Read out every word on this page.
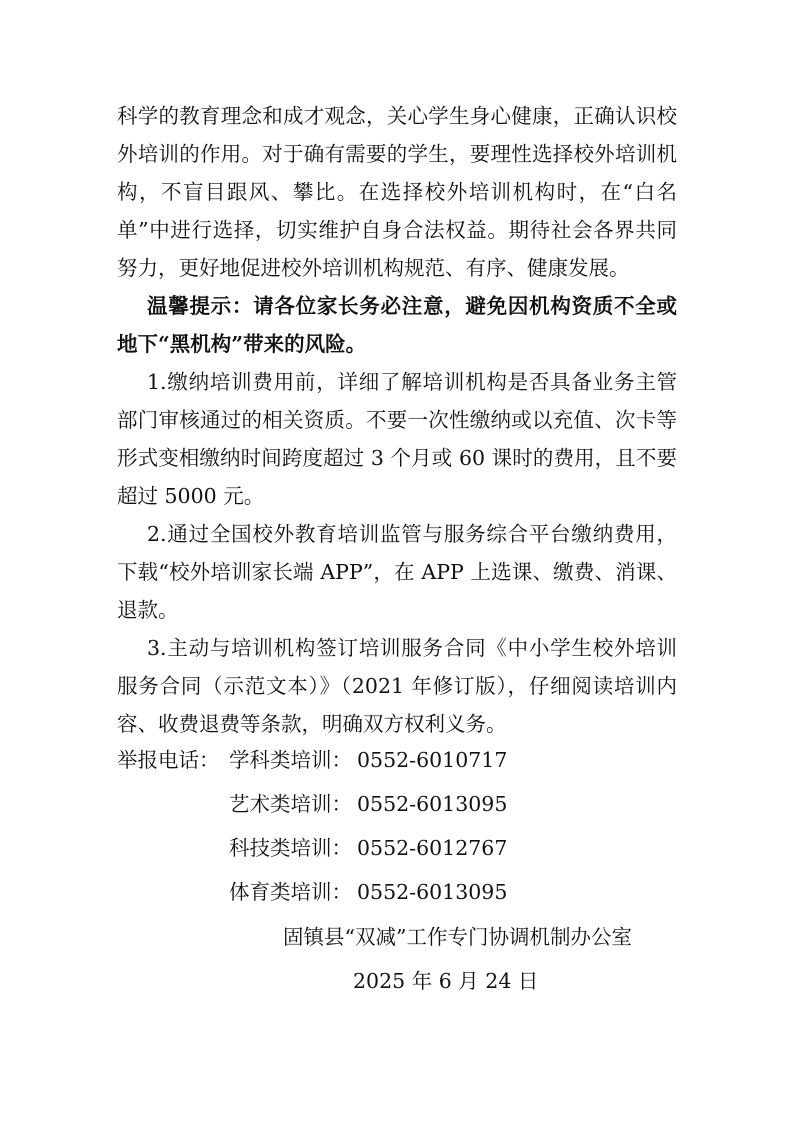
科学的教育理念和成才观念，关心学生身心健康，正确认识校外培训的作用。对于确有需要的学生，要理性选择校外培训机构，不盲目跟风、攀比。在选择校外培训机构时，在“白名单”中进行选择，切实维护自身合法权益。期待社会各界共同努力，更好地促进校外培训机构规范、有序、健康发展。

温馨提示：请各位家长务必注意，避免因机构资质不全或地下“黑机构”带来的风险。

1.缴纳培训费用前，详细了解培训机构是否具备业务主管部门审核通过的相关资质。不要一次性缴纳或以充值、次卡等形式变相缴纳时间跨度超过 3 个月或 60 课时的费用，且不要超过 5000 元。

2.通过全国校外教育培训监管与服务综合平台缴纳费用，下载“校外培训家长端 APP”，在 APP 上选课、缴费、消课、退款。

3.主动与培训机构签订培训服务合同《中小学生校外培训服务合同（示范文本）》（2021 年修订版），仔细阅读培训内容、收费退费等条款，明确双方权利义务。

举报电话： 学科类培训： 0552-6010717
艺术类培训： 0552-6013095
科技类培训： 0552-6012767
体育类培训： 0552-6013095

固镇县“双减”工作专门协调机制办公室

2025 年 6 月 24 日
